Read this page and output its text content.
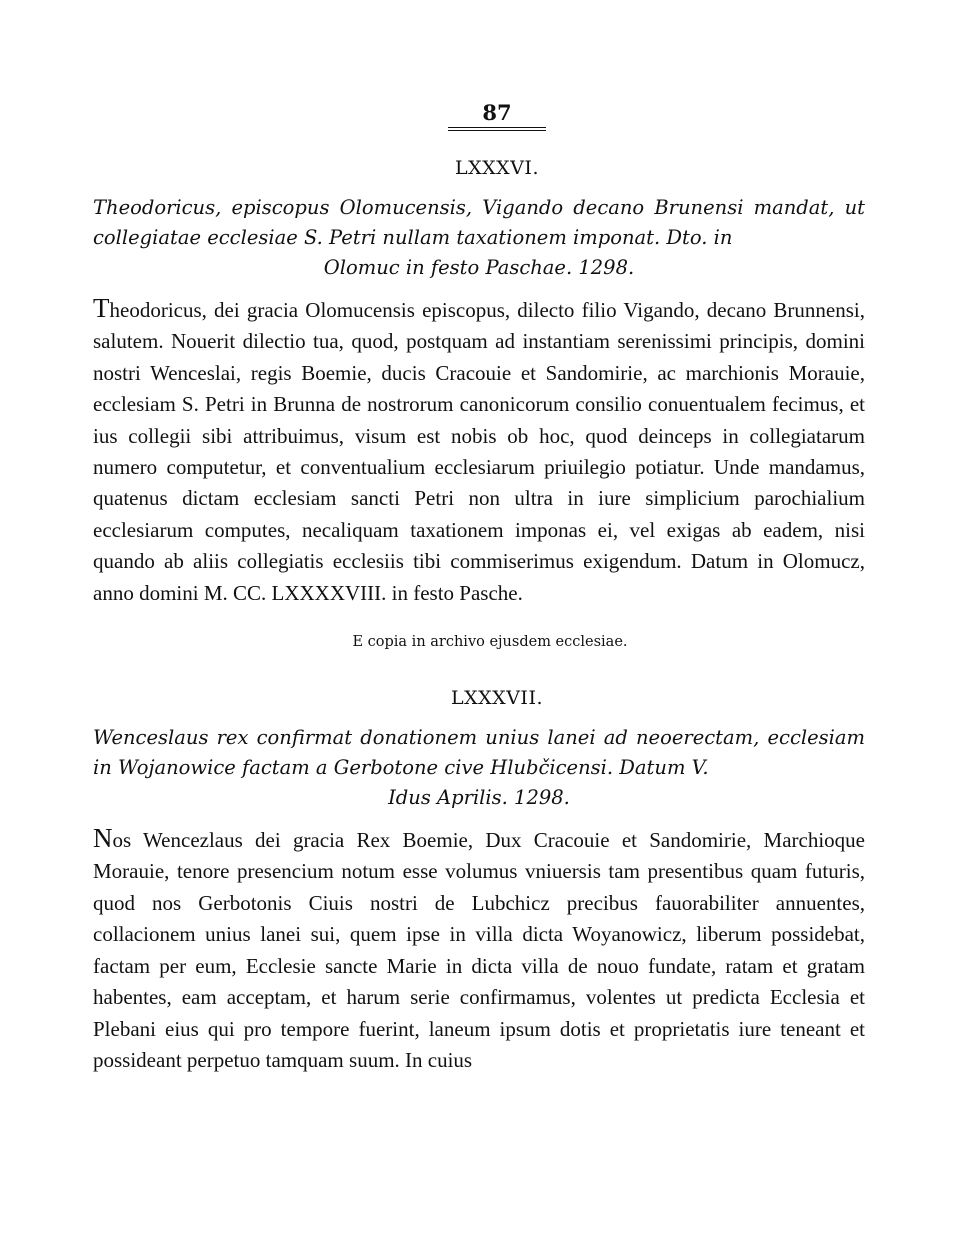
87
LXXXVI.
Theodoricus, episcopus Olomucensis, Vigando decano Brunensi mandat, ut collegiatae ecclesiae S. Petri nullam taxationem imponat. Dto. in
Olomuc in festo Paschae. 1298.
Theodoricus, dei gracia Olomucensis episcopus, dilecto filio Vigando, decano Brunnensi, salutem. Nouerit dilectio tua, quod, postquam ad instantiam serenissimi principis, domini nostri Wenceslai, regis Boemie, ducis Cracouie et Sandomirie, ac marchionis Morauie, ecclesiam S. Petri in Brunna de nostrorum canonicorum consilio conuentualem fecimus, et ius collegii sibi attribuimus, visum est nobis ob hoc, quod deinceps in collegiatarum numero computetur, et conventualium ecclesiarum priuilegio potiatur. Unde mandamus, quatenus dictam ecclesiam sancti Petri non ultra in iure simplicium parochialium ecclesiarum computes, necaliquam taxationem imponas ei, vel exigas ab eadem, nisi quando ab aliis collegiatis ecclesiis tibi commiserimus exigendum. Datum in Olomucz, anno domini M. CC. LXXXXVIII. in festo Pasche.
E copia in archivo ejusdem ecclesiae.
LXXXVII.
Wenceslaus rex confirmat donationem unius lanei ad neoerectam, ecclesiam in Wojanowice factam a Gerbotone cive Hlubčicensi. Datum V.
Idus Aprilis. 1298.
Nos Wencezlaus dei gracia Rex Boemie, Dux Cracouie et Sandomirie, Marchioque Morauie, tenore presencium notum esse volumus vniuersis tam presentibus quam futuris, quod nos Gerbotonis Ciuis nostri de Lubchicz precibus fauorabiliter annuentes, collacionem unius lanei sui, quem ipse in villa dicta Woyanowicz, liberum possidebat, factam per eum, Ecclesie sancte Marie in dicta villa de nouo fundate, ratam et gratam habentes, eam acceptam, et harum serie confirmamus, volentes ut predicta Ecclesia et Plebani eius qui pro tempore fuerint, laneum ipsum dotis et proprietatis iure teneant et possideant perpetuo tamquam suum. In cuius
